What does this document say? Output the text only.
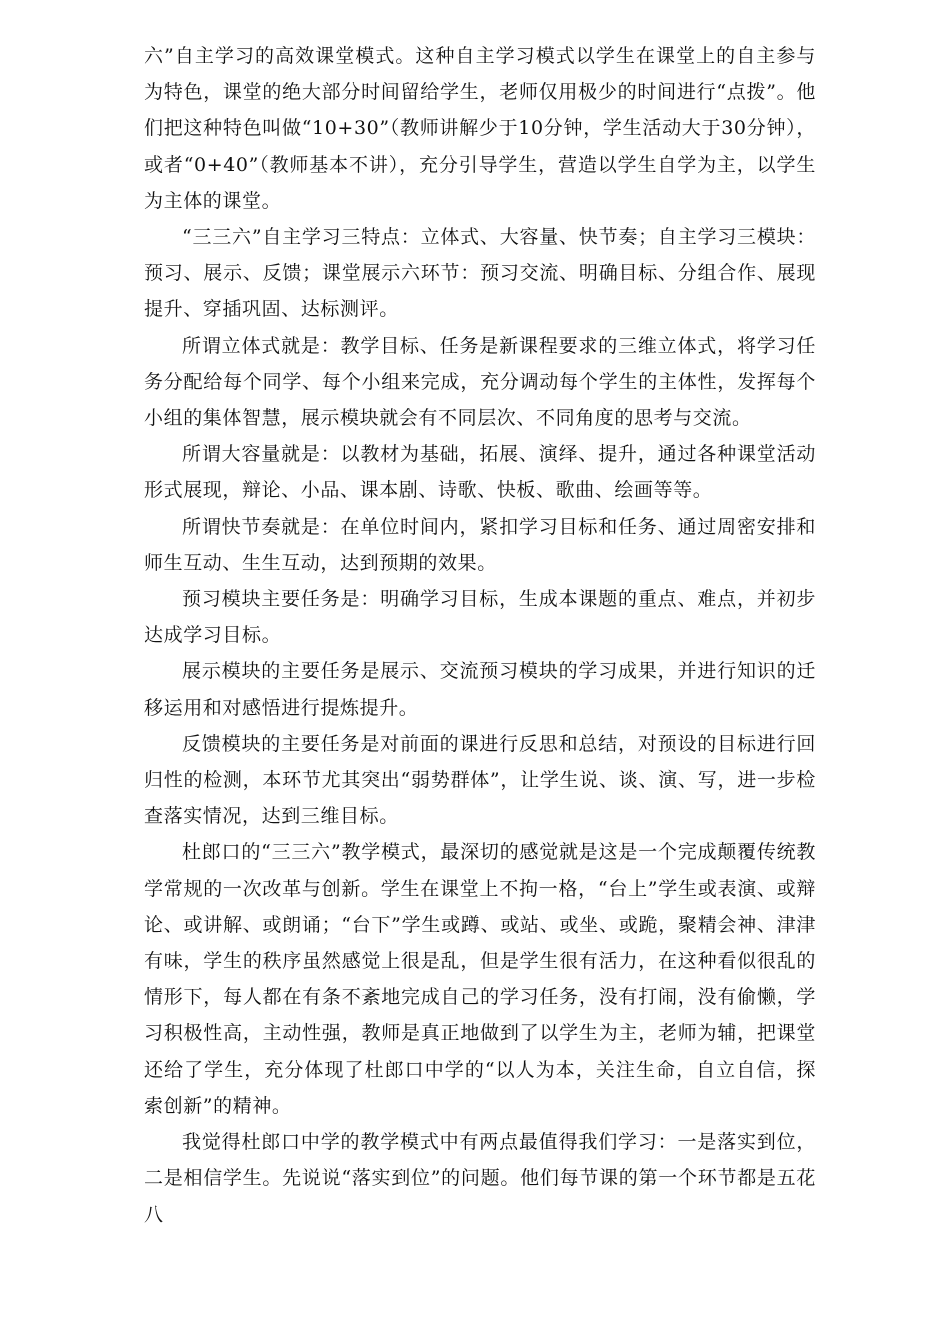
六”自主学习的高效课堂模式。这种自主学习模式以学生在课堂上的自主参与为特色，课堂的绝大部分时间留给学生，老师仅用极少的时间进行“点拨”。他们把这种特色叫做“10+30”（教师讲解少于10分钟，学生活动大于30分钟），或者“0+40”（教师基本不讲），充分引导学生，营造以学生自学为主，以学生为主体的课堂。

“三三六”自主学习三特点：立体式、大容量、快节奏；自主学习三模块：预习、展示、反馈；课堂展示六环节：预习交流、明确目标、分组合作、展现提升、穿插巩固、达标测评。

所谓立体式就是：教学目标、任务是新课程要求的三维立体式，将学习任务分配给每个同学、每个小组来完成，充分调动每个学生的主体性，发挥每个小组的集体智慧，展示模块就会有不同层次、不同角度的思考与交流。

所谓大容量就是：以教材为基础，拓展、演绎、提升，通过各种课堂活动形式展现，辩论、小品、课本剧、诗歌、快板、歌曲、绘画等等。

所谓快节奏就是：在单位时间内，紧扣学习目标和任务、通过周密安排和师生互动、生生互动，达到预期的效果。

预习模块主要任务是：明确学习目标，生成本课题的重点、难点，并初步达成学习目标。

展示模块的主要任务是展示、交流预习模块的学习成果，并进行知识的迁移运用和对感悟进行提炼提升。

反馈模块的主要任务是对前面的课进行反思和总结，对预设的目标进行回归性的检测，本环节尤其突出“弱势群体”，让学生说、谈、演、写，进一步检查落实情况，达到三维目标。

杜郎口的“三三六”教学模式，最深切的感觉就是这是一个完成颠覆传统教学常规的一次改革与创新。学生在课堂上不拘一格，“台上”学生或表演、或辩论、或讲解、或朗诵；“台下”学生或蹲、或站、或坐、或跪，聚精会神、津津有味，学生的秩序虽然感觉上很是乱，但是学生很有活力，在这种看似很乱的情形下，每人都在有条不紊地完成自己的学习任务，没有打闹，没有偷懒，学习积极性高，主动性强，教师是真正地做到了以学生为主，老师为辅，把课堂还给了学生，充分体现了杜郎口中学的“以人为本，关注生命，自立自信，探索创新”的精神。

我觉得杜郎口中学的教学模式中有两点最值得我们学习：一是落实到位，二是相信学生。先说说“落实到位”的问题。他们每节课的第一个环节都是五花八
